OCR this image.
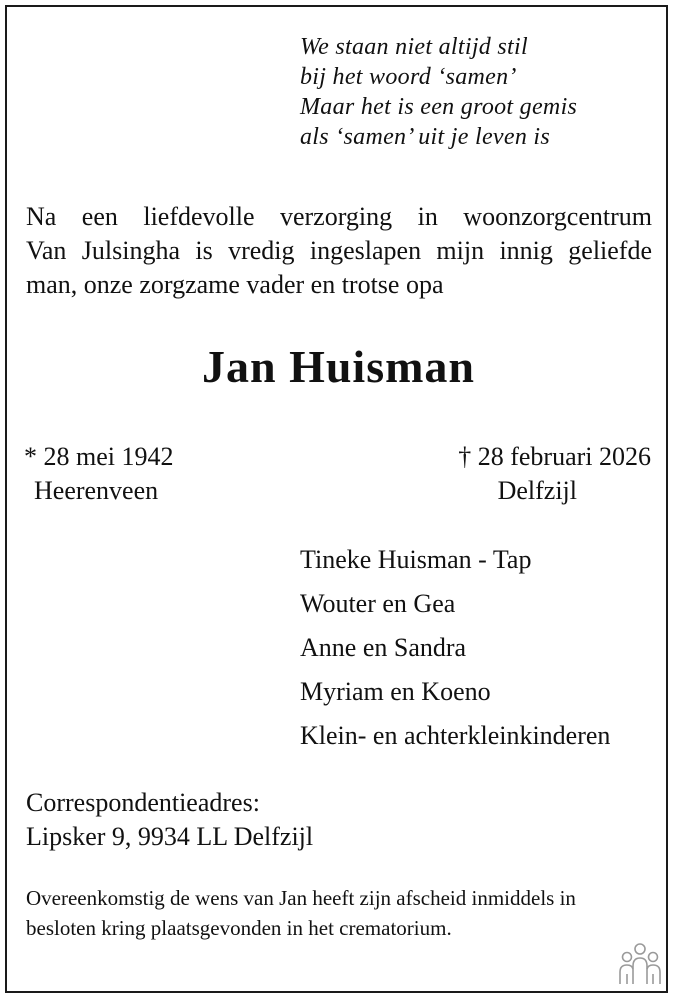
We staan niet altijd stil
bij het woord ‘samen’
Maar het is een groot gemis
als ‘samen’ uit je leven is
Na een liefdevolle verzorging in woonzorgcentrum
Van Julsingha is vredig ingeslapen mijn innig geliefde
man, onze zorgzame vader en trotse opa
Jan Huisman
* 28 mei 1942
Heerenveen
† 28 februari 2026
Delfzijl
Tineke Huisman - Tap
Wouter en Gea
Anne en Sandra
Myriam en Koeno
Klein- en achterkleinkinderen
Correspondentieadres:
Lipsker 9, 9934 LL Delfzijl
Overeenkomstig de wens van Jan heeft zijn afscheid inmiddels in besloten kring plaatsgevonden in het crematorium.
